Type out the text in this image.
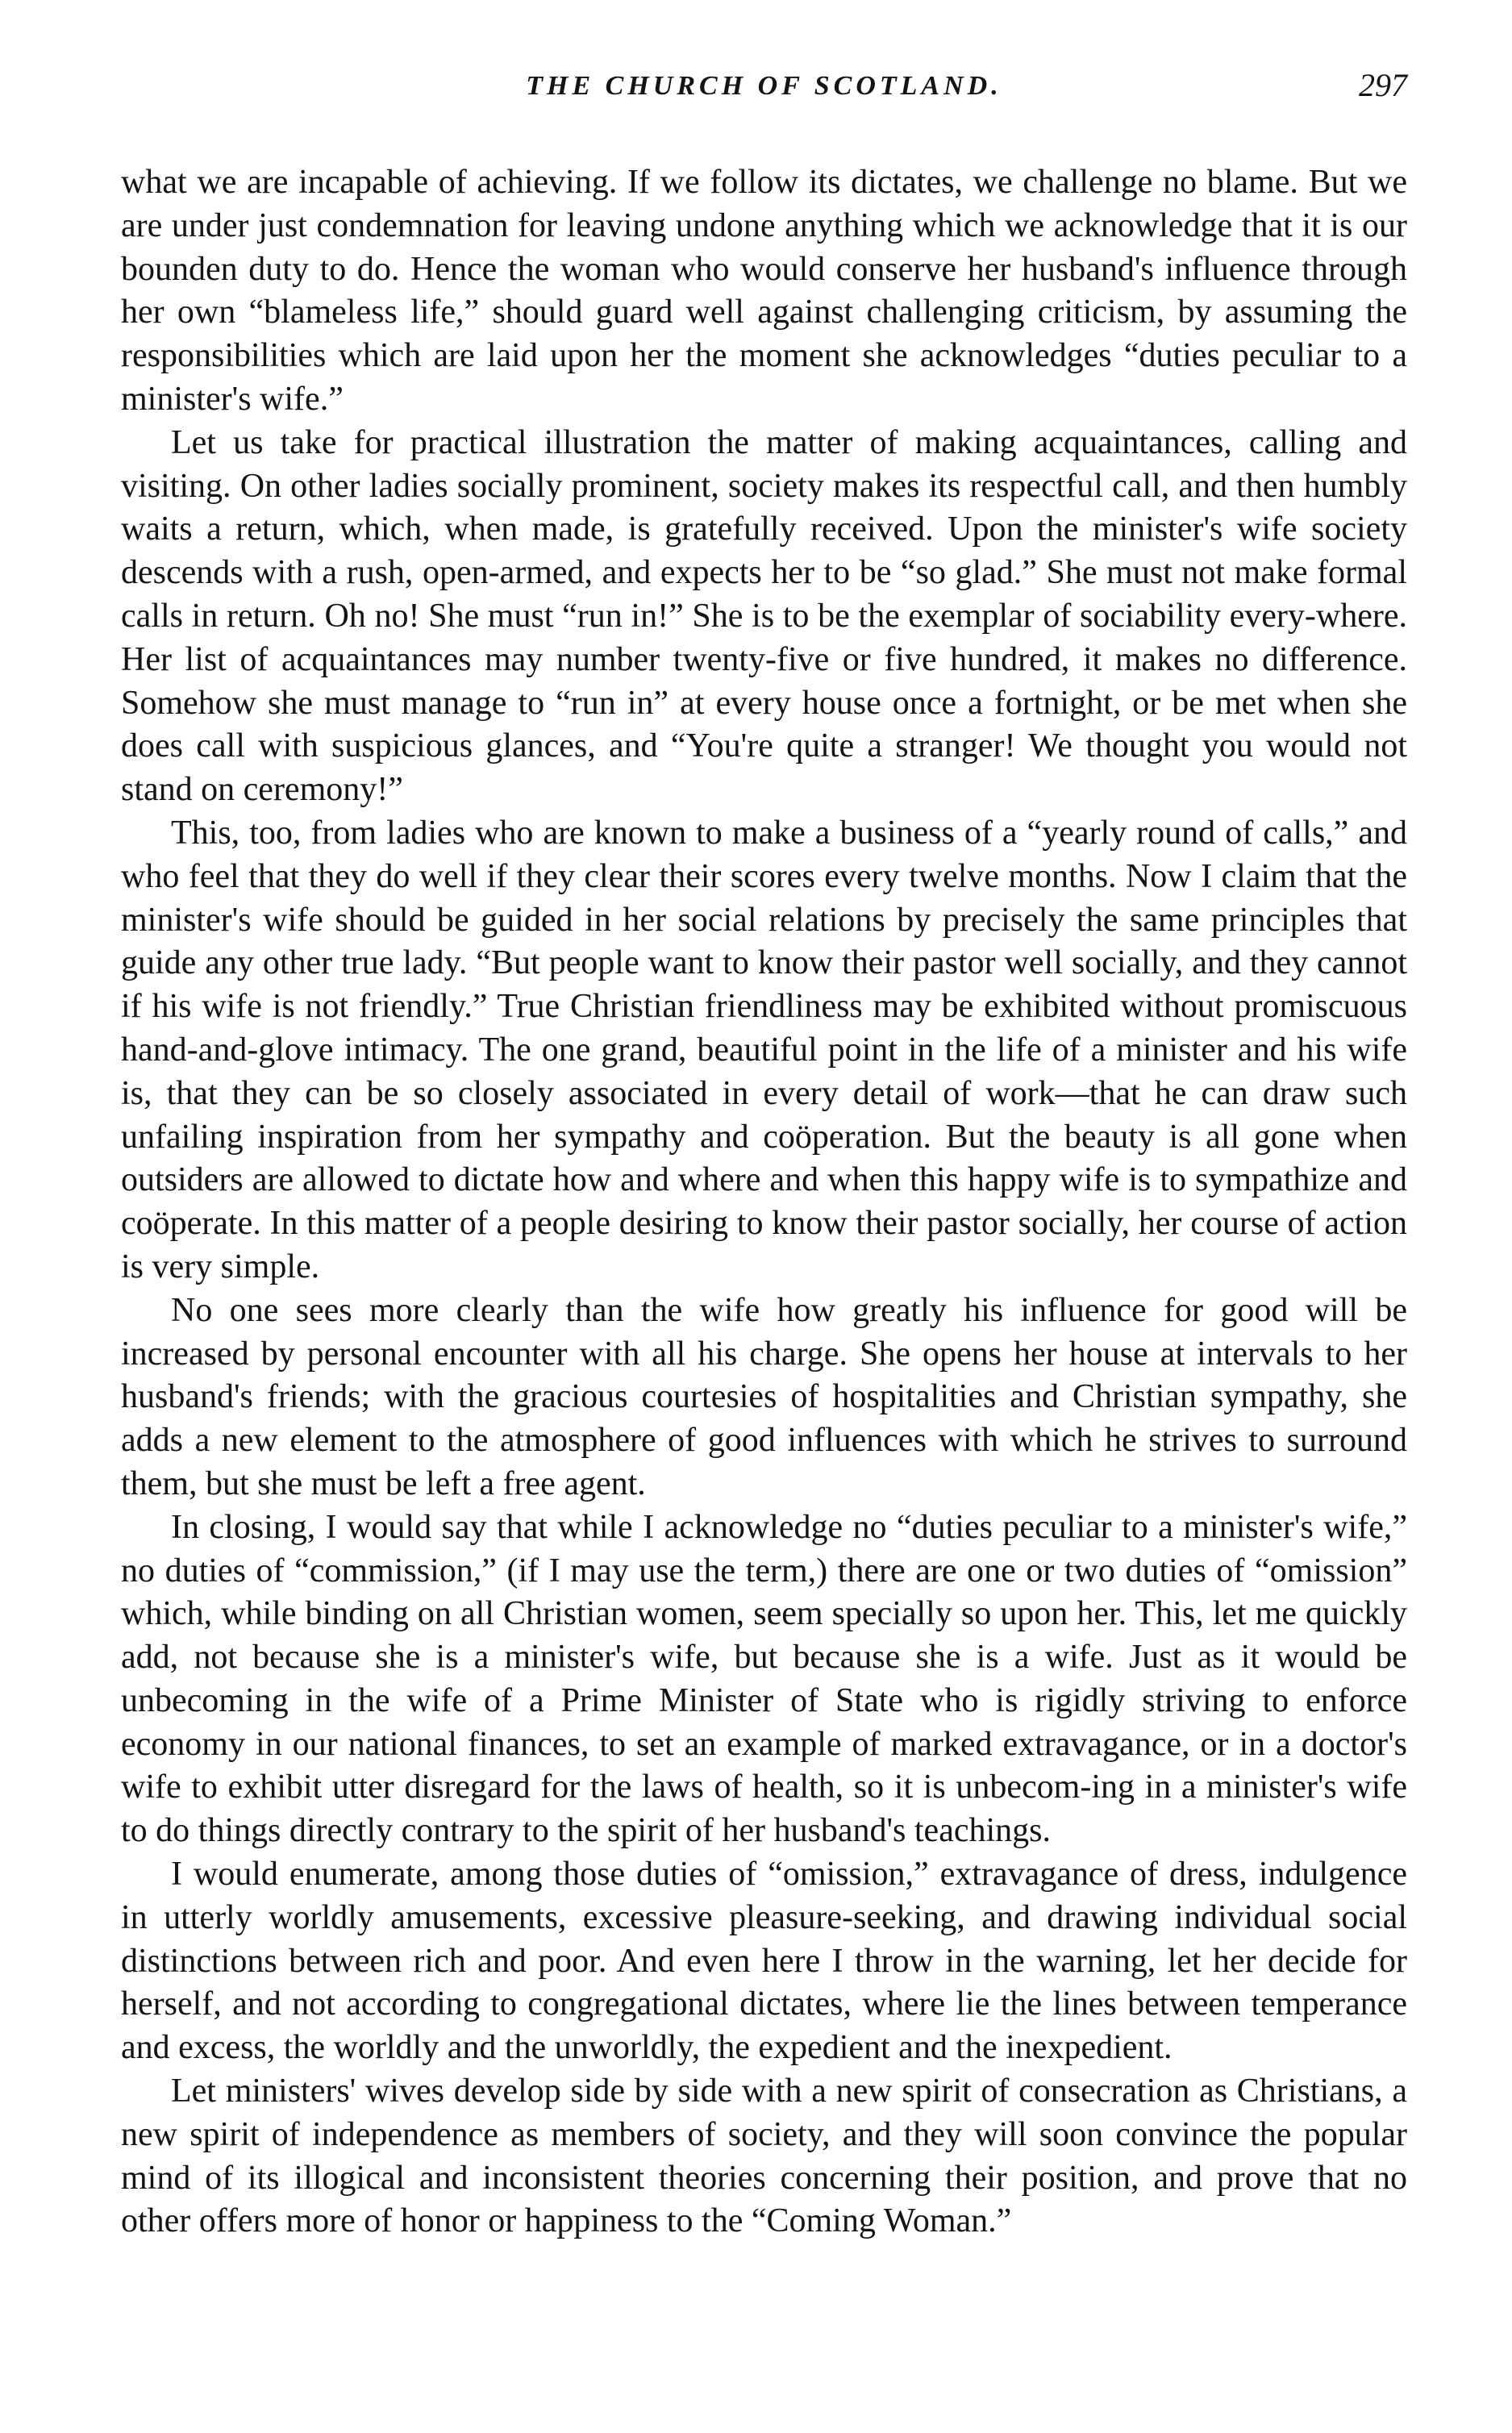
THE CHURCH OF SCOTLAND.	297

what we are incapable of achieving. If we follow its dictates, we challenge no blame. But we are under just condemnation for leaving undone anything which we acknowledge that it is our bounden duty to do. Hence the woman who would conserve her husband's influence through her own “blameless life,” should guard well against challenging criticism, by assuming the responsibilities which are laid upon her the moment she acknowledges “duties peculiar to a minister's wife.”

Let us take for practical illustration the matter of making acquaintances, calling and visiting. On other ladies socially prominent, society makes its respectful call, and then humbly waits a return, which, when made, is gratefully received. Upon the minister's wife society descends with a rush, open-armed, and expects her to be “so glad.” She must not make formal calls in return. Oh no! She must “run in!” She is to be the exemplar of sociability every-where. Her list of acquaintances may number twenty-five or five hundred, it makes no difference. Somehow she must manage to “run in” at every house once a fortnight, or be met when she does call with suspicious glances, and “You're quite a stranger! We thought you would not stand on ceremony!”

This, too, from ladies who are known to make a business of a “yearly round of calls,” and who feel that they do well if they clear their scores every twelve months. Now I claim that the minister's wife should be guided in her social relations by precisely the same principles that guide any other true lady. “But people want to know their pastor well socially, and they cannot if his wife is not friendly.” True Christian friendliness may be exhibited without promiscuous hand-and-glove intimacy. The one grand, beautiful point in the life of a minister and his wife is, that they can be so closely associated in every detail of work—that he can draw such unfailing inspiration from her sympathy and coöperation. But the beauty is all gone when outsiders are allowed to dictate how and where and when this happy wife is to sympathize and coöperate. In this matter of a people desiring to know their pastor socially, her course of action is very simple.

No one sees more clearly than the wife how greatly his influence for good will be increased by personal encounter with all his charge. She opens her house at intervals to her husband's friends; with the gracious courtesies of hospitalities and Christian sympathy, she adds a new element to the atmosphere of good influences with which he strives to surround them, but she must be left a free agent.

In closing, I would say that while I acknowledge no “duties peculiar to a minister's wife,” no duties of “commission,” (if I may use the term,) there are one or two duties of “omission” which, while binding on all Christian women, seem specially so upon her. This, let me quickly add, not because she is a minister's wife, but because she is a wife. Just as it would be unbecoming in the wife of a Prime Minister of State who is rigidly striving to enforce economy in our national finances, to set an example of marked extravagance, or in a doctor's wife to exhibit utter disregard for the laws of health, so it is unbecom-ing in a minister's wife to do things directly contrary to the spirit of her husband's teachings.

I would enumerate, among those duties of “omission,” extravagance of dress, indulgence in utterly worldly amusements, excessive pleasure-seeking, and drawing individual social distinctions between rich and poor. And even here I throw in the warning, let her decide for herself, and not according to congregational dictates, where lie the lines between temperance and excess, the worldly and the unworldly, the expedient and the inexpedient.

Let ministers' wives develop side by side with a new spirit of consecration as Christians, a new spirit of independence as members of society, and they will soon convince the popular mind of its illogical and inconsistent theories concerning their position, and prove that no other offers more of honor or happiness to the “Coming Woman.”
